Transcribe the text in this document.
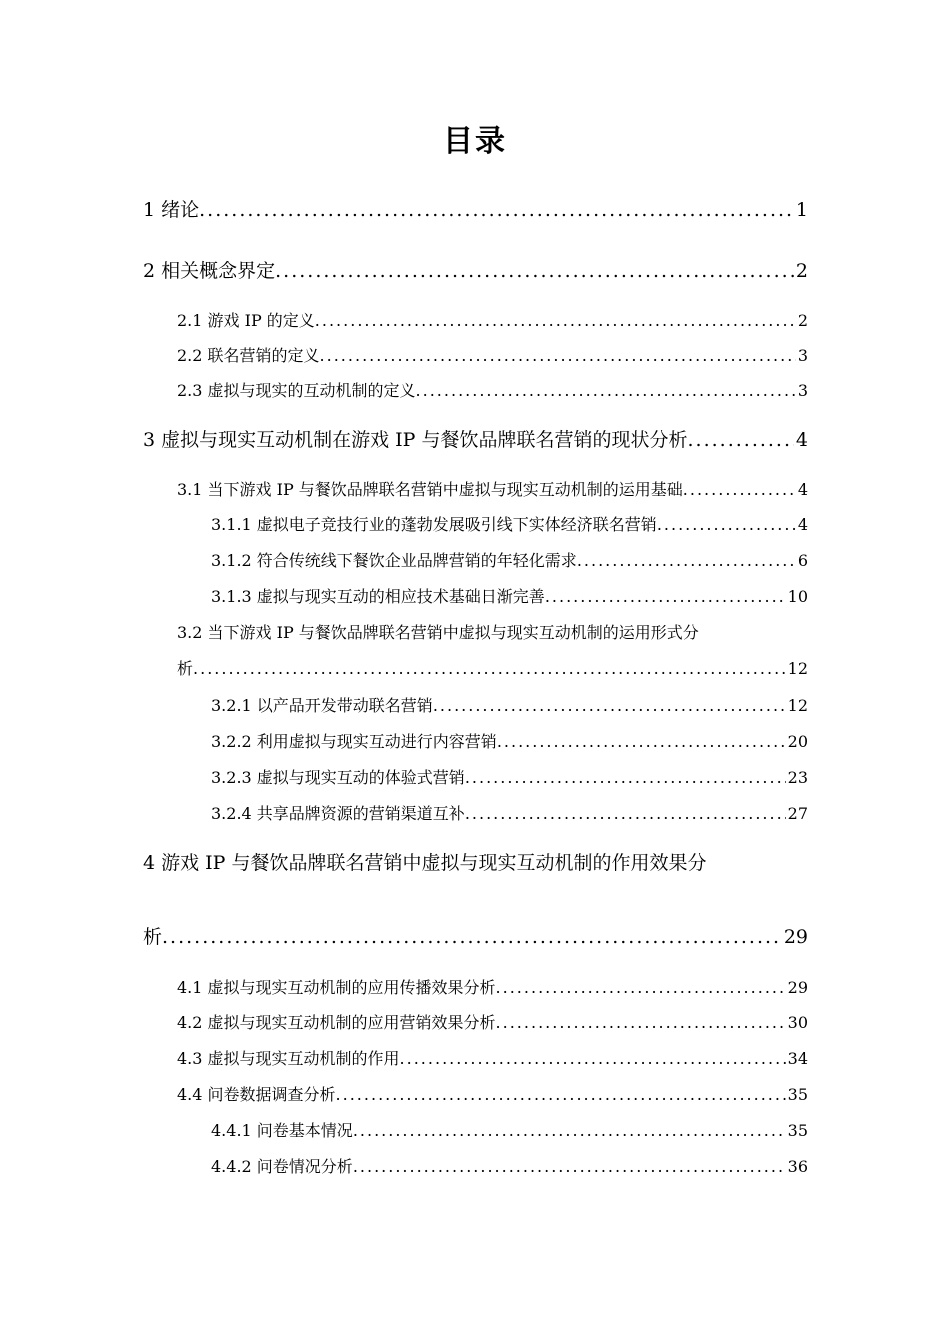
目录
1 绪论 .....	1
2 相关概念界定 .....	2
2.1 游戏 IP 的定义 .....	2
2.2 联名营销的定义 .....	3
2.3 虚拟与现实的互动机制的定义 .....	3
3 虚拟与现实互动机制在游戏 IP 与餐饮品牌联名营销的现状分析 .....	4
3.1 当下游戏 IP 与餐饮品牌联名营销中虚拟与现实互动机制的运用基础 .....	4
3.1.1 虚拟电子竞技行业的蓬勃发展吸引线下实体经济联名营销 .....	4
3.1.2 符合传统线下餐饮企业品牌营销的年轻化需求 .....	6
3.1.3 虚拟与现实互动的相应技术基础日渐完善 .....	10
3.2 当下游戏 IP 与餐饮品牌联名营销中虚拟与现实互动机制的运用形式分
析 .....	12
3.2.1 以产品开发带动联名营销 .....	12
3.2.2 利用虚拟与现实互动进行内容营销 .....	20
3.2.3 虚拟与现实互动的体验式营销 .....	23
3.2.4 共享品牌资源的营销渠道互补 .....	27
4 游戏 IP 与餐饮品牌联名营销中虚拟与现实互动机制的作用效果分
析 .....	29
4.1 虚拟与现实互动机制的应用传播效果分析 .....	29
4.2 虚拟与现实互动机制的应用营销效果分析 .....	30
4.3 虚拟与现实互动机制的作用 .....	34
4.4 问卷数据调查分析 .....	35
4.4.1 问卷基本情况 .....	35
4.4.2 问卷情况分析 .....	36
